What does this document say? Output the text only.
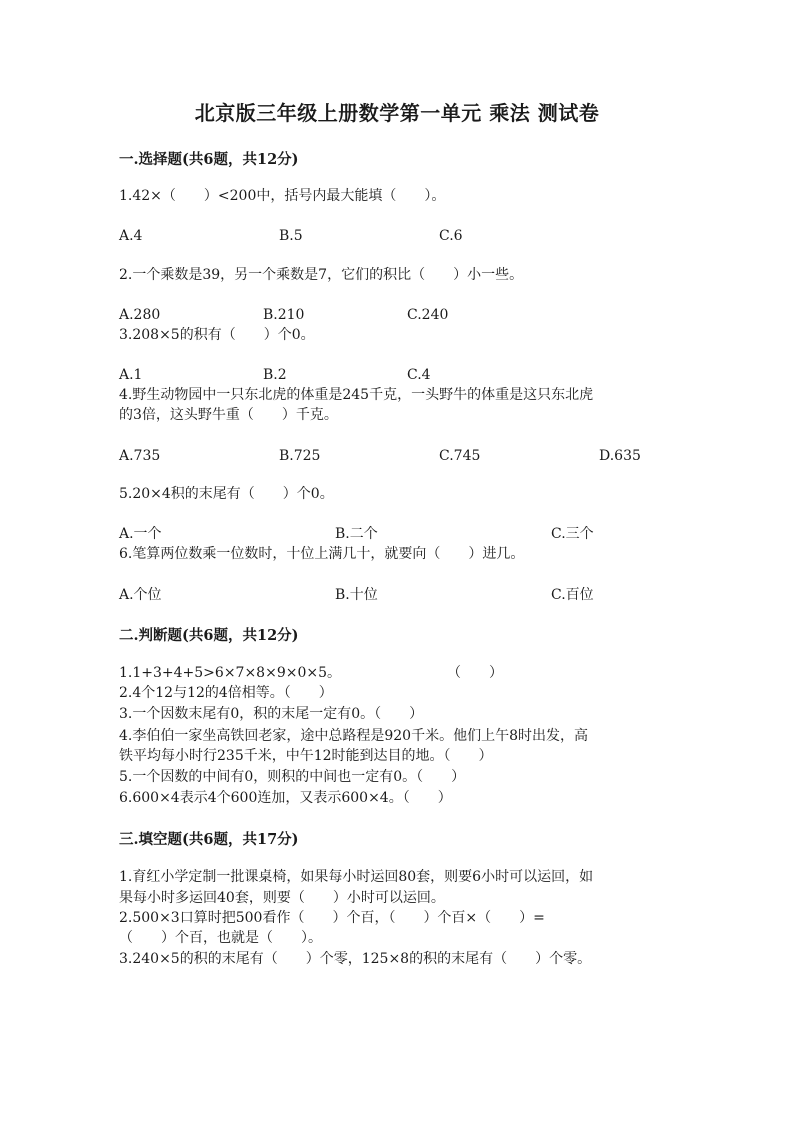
北京版三年级上册数学第一单元 乘法 测试卷
一.选择题(共6题，共12分)
1.42×（　　）<200中，括号内最大能填（　　）。
A.4	B.5	C.6
2.一个乘数是39，另一个乘数是7，它们的积比（　　）小一些。
A.280	B.210	C.240
3.208×5的积有（　　）个0。
A.1	B.2	C.4
4.野生动物园中一只东北虎的体重是245千克，一头野牛的体重是这只东北虎
的3倍，这头野牛重（　　）千克。
A.735	B.725	C.745	D.635
5.20×4积的末尾有（　　）个0。
A.一个	B.二个	C.三个
6.笔算两位数乘一位数时，十位上满几十，就要向（　　）进几。
A.个位	B.十位	C.百位
二.判断题(共6题，共12分)
1.1+3+4+5>6×7×8×9×0×5。	（　　）
2.4个12与12的4倍相等。（　　）
3.一个因数末尾有0，积的末尾一定有0。（　　）
4.李伯伯一家坐高铁回老家，途中总路程是920千米。他们上午8时出发，高
铁平均每小时行235千米，中午12时能到达目的地。（　　）
5.一个因数的中间有0，则积的中间也一定有0。（　　）
6.600×4表示4个600连加，又表示600×4。（　　）
三.填空题(共6题，共17分)
1.育红小学定制一批课桌椅，如果每小时运回80套，则要6小时可以运回，如
果每小时多运回40套，则要（　　）小时可以运回。
2.500×3口算时把500看作（　　）个百，（　　）个百×（　　）=
（　　）个百，也就是（　　）。
3.240×5的积的末尾有（　　）个零，125×8的积的末尾有（　　）个零。
